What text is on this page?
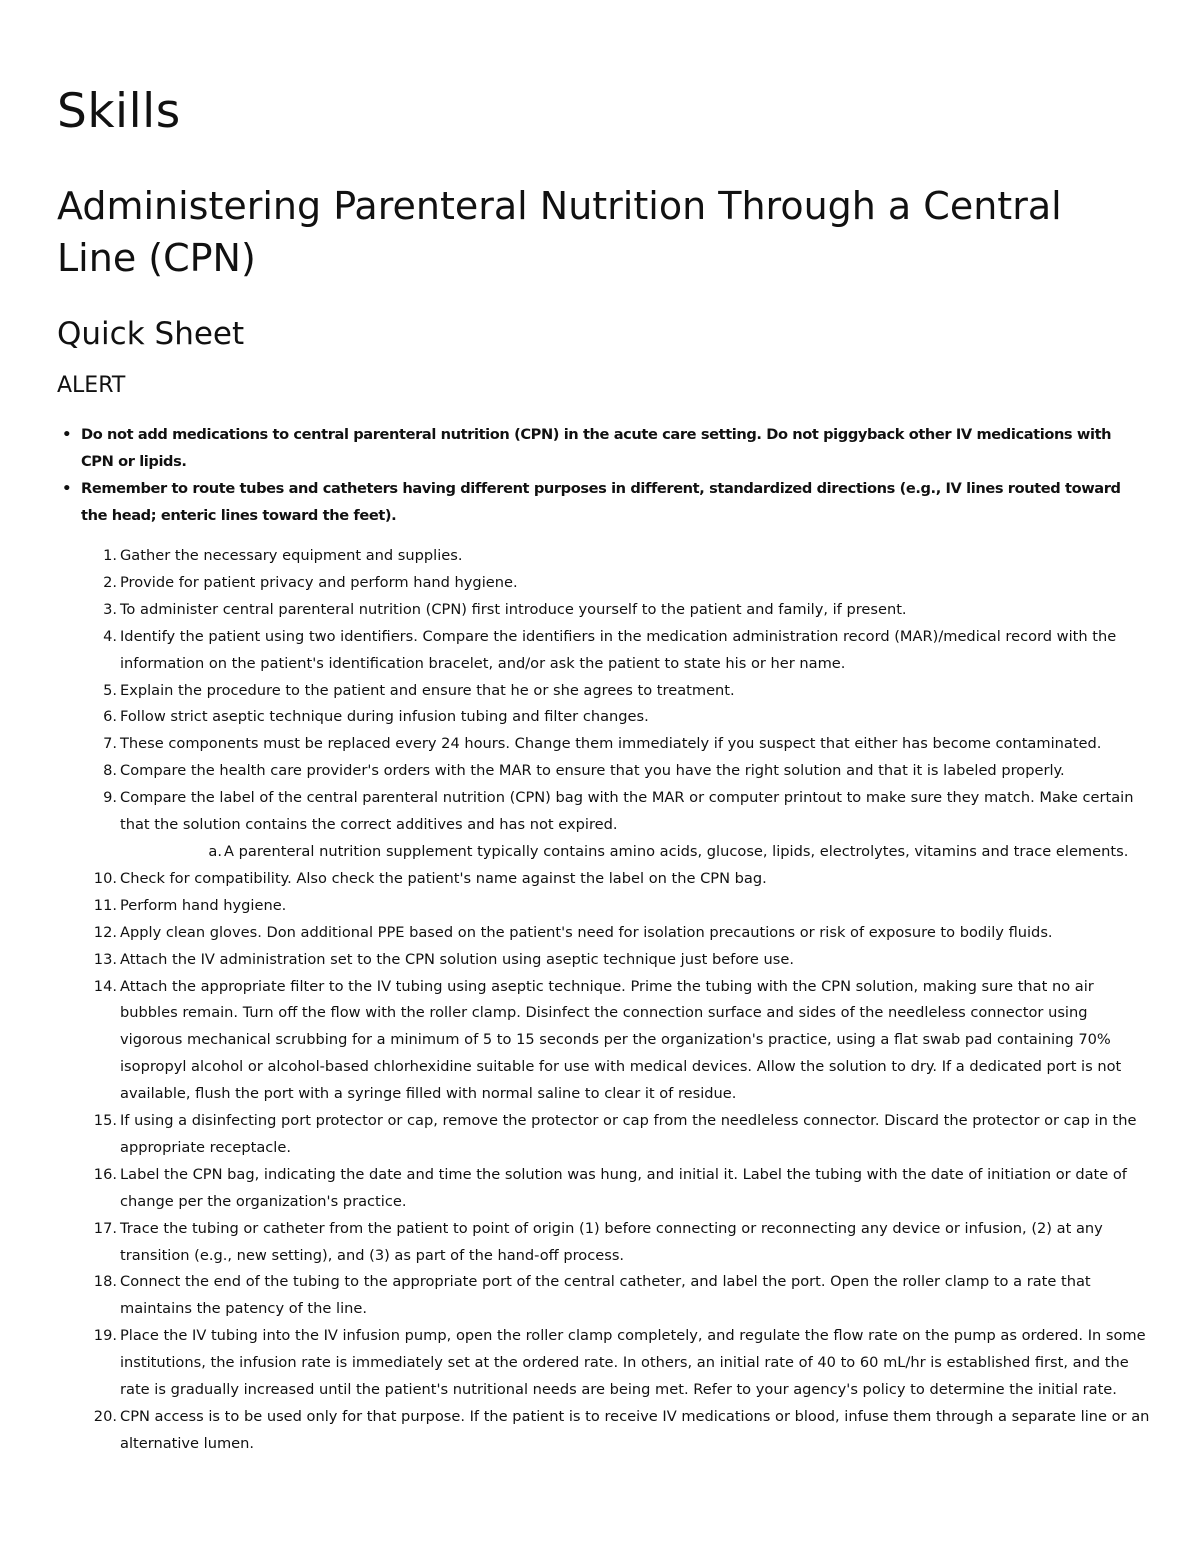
Skills
Administering Parenteral Nutrition Through a Central Line (CPN)
Quick Sheet
ALERT
• Do not add medications to central parenteral nutrition (CPN) in the acute care setting. Do not piggyback other IV medications with CPN or lipids.
• Remember to route tubes and catheters having different purposes in different, standardized directions (e.g., IV lines routed toward the head; enteric lines toward the feet).
1. Gather the necessary equipment and supplies.
2. Provide for patient privacy and perform hand hygiene.
3. To administer central parenteral nutrition (CPN) first introduce yourself to the patient and family, if present.
4. Identify the patient using two identifiers. Compare the identifiers in the medication administration record (MAR)/medical record with the information on the patient's identification bracelet, and/or ask the patient to state his or her name.
5. Explain the procedure to the patient and ensure that he or she agrees to treatment.
6. Follow strict aseptic technique during infusion tubing and filter changes.
7. These components must be replaced every 24 hours. Change them immediately if you suspect that either has become contaminated.
8. Compare the health care provider's orders with the MAR to ensure that you have the right solution and that it is labeled properly.
9. Compare the label of the central parenteral nutrition (CPN) bag with the MAR or computer printout to make sure they match. Make certain that the solution contains the correct additives and has not expired.
a. A parenteral nutrition supplement typically contains amino acids, glucose, lipids, electrolytes, vitamins and trace elements.
10. Check for compatibility. Also check the patient's name against the label on the CPN bag.
11. Perform hand hygiene.
12. Apply clean gloves. Don additional PPE based on the patient's need for isolation precautions or risk of exposure to bodily fluids.
13. Attach the IV administration set to the CPN solution using aseptic technique just before use.
14. Attach the appropriate filter to the IV tubing using aseptic technique. Prime the tubing with the CPN solution, making sure that no air bubbles remain. Turn off the flow with the roller clamp. Disinfect the connection surface and sides of the needleless connector using vigorous mechanical scrubbing for a minimum of 5 to 15 seconds per the organization's practice, using a flat swab pad containing 70% isopropyl alcohol or alcohol-based chlorhexidine suitable for use with medical devices. Allow the solution to dry. If a dedicated port is not available, flush the port with a syringe filled with normal saline to clear it of residue.
15. If using a disinfecting port protector or cap, remove the protector or cap from the needleless connector. Discard the protector or cap in the appropriate receptacle.
16. Label the CPN bag, indicating the date and time the solution was hung, and initial it. Label the tubing with the date of initiation or date of change per the organization's practice.
17. Trace the tubing or catheter from the patient to point of origin (1) before connecting or reconnecting any device or infusion, (2) at any transition (e.g., new setting), and (3) as part of the hand-off process.
18. Connect the end of the tubing to the appropriate port of the central catheter, and label the port. Open the roller clamp to a rate that maintains the patency of the line.
19. Place the IV tubing into the IV infusion pump, open the roller clamp completely, and regulate the flow rate on the pump as ordered. In some institutions, the infusion rate is immediately set at the ordered rate. In others, an initial rate of 40 to 60 mL/hr is established first, and the rate is gradually increased until the patient's nutritional needs are being met. Refer to your agency's policy to determine the initial rate.
20. CPN access is to be used only for that purpose. If the patient is to receive IV medications or blood, infuse them through a separate line or an alternative lumen.
